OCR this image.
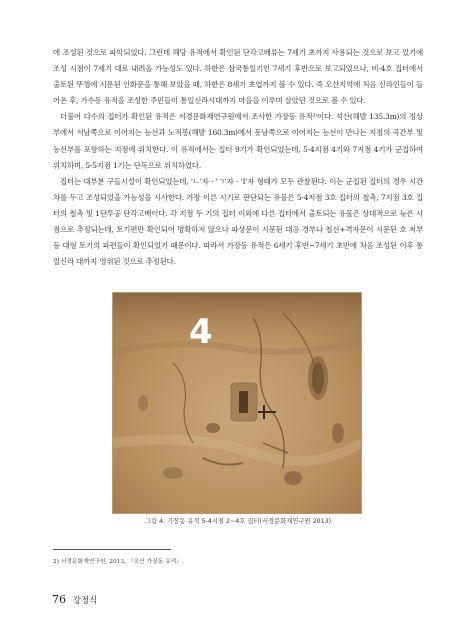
에 조성된 것으로 파악되었다. 그런데 해당 유적에서 확인된 단각고배류는 7세기 초까지 사용되는 것으로 보고 있기에 조성 시점이 7세기 대로 내려올 가능성도 있다. 하한은 삼국통일기인 7세기 후반으로 보고되었으나, 비-4호 집터에서 출토된 뚜껑에 시문된 인화문을 통해 보았을 때, 하한은 8세기 초엽까지 볼 수 있다. 즉 오산지역에 처음 신라인들이 들어온 후, 가수동 유적을 조성한 주민들이 통일신라시대까지 마을을 이루며 살았던 것으로 볼 수 있다.

더불어 다수의 집터가 확인된 유적은 서경문화재연구원에서 조사한 가장동 유적²⁾이다. 석산(해발 135.3m)의 정상부에서 서남쪽으로 이어지는 능선과 노적봉(해발 160.3m)에서 동남쪽으로 이어지는 능선이 만나는 지점의 곡간부 및 능선부를 포함하는 지점에 위치한다. 이 유적에서는 집터 9기가 확인되었는데, 5-4지점 4기와 7지점 4기가 군집하여 위치하며, 5-5지점 1기는 단독으로 위치하였다.

집터는 대부분 구들시설이 확인되었는데, 'ㄴ'자 · 'ㄱ'자 · 'I'자 형태가 모두 관찰된다. 이는 군집된 집터의 경우 시간차를 두고 조성되었을 가능성을 시사한다. 가장 이른 시기로 판단되는 유물은 5-4지점 3호 집터의 철촉, 7지점 3호 집터의 철촉 및 1단투공 단각고배이다. 각 지점 두 기의 집터 이외에 다른 집터에서 출토되는 유물은 상대적으로 늦은 시점으로 추정되는데, 토기편만 확인되어 명확하지 않으나 파상문이 시문된 대응 경부나 철선+격자문이 시문된 호 저부 등 대형 토기의 파편들이 확인되었기 때문이다. 따라서 가장동 유적은 6세기 후반~7세기 초반에 처음 조성된 이후 통일신라 대까지 영위된 것으로 추정된다.

4
그림 4. 가장동 유적 5-4지점 2~4호 집터(서경문화재연구원 2013)
2) 서경문화재연구원, 2013, 『오산 가장동 유적』.
76 강정식
